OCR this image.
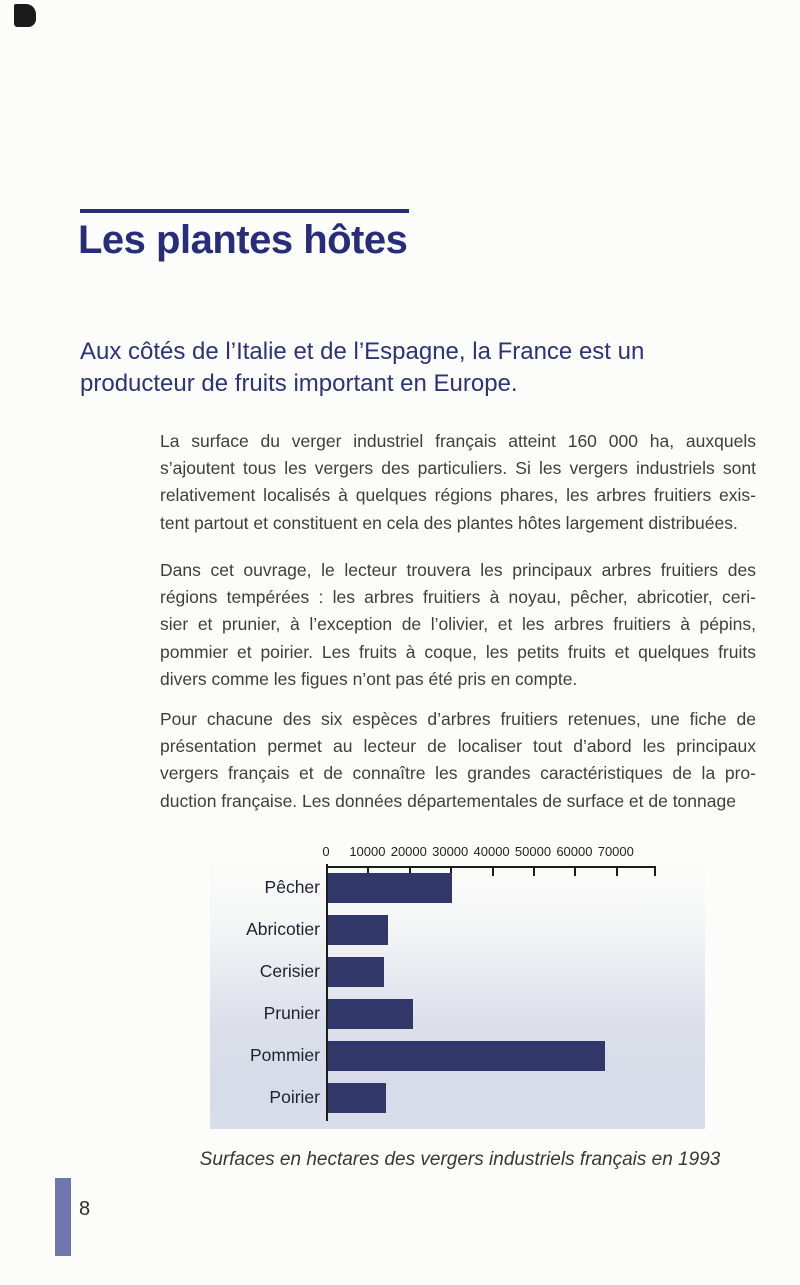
Les plantes hôtes
Aux côtés de l’Italie et de l’Espagne, la France est un
producteur de fruits important en Europe.
La surface du verger industriel français atteint 160 000 ha, auxquels
s’ajoutent tous les vergers des particuliers. Si les vergers industriels sont
relativement localisés à quelques régions phares, les arbres fruitiers exis-
tent partout et constituent en cela des plantes hôtes largement distribuées.
Dans cet ouvrage, le lecteur trouvera les principaux arbres fruitiers des
régions tempérées : les arbres fruitiers à noyau, pêcher, abricotier, ceri-
sier et prunier, à l’exception de l’olivier, et les arbres fruitiers à pépins,
pommier et poirier. Les fruits à coque, les petits fruits et quelques fruits
divers comme les figues n’ont pas été pris en compte.
Pour chacune des six espèces d’arbres fruitiers retenues, une fiche de
présentation permet au lecteur de localiser tout d’abord les principaux
vergers français et de connaître les grandes caractéristiques de la pro-
duction française. Les données départementales de surface et de tonnage
0	10000 20000 30000 40000 50000 60000 70000
Pêcher
Abricotier
Cerisier
Prunier
Pommier
Poirier
Surfaces en hectares des vergers industriels français en 1993
8
